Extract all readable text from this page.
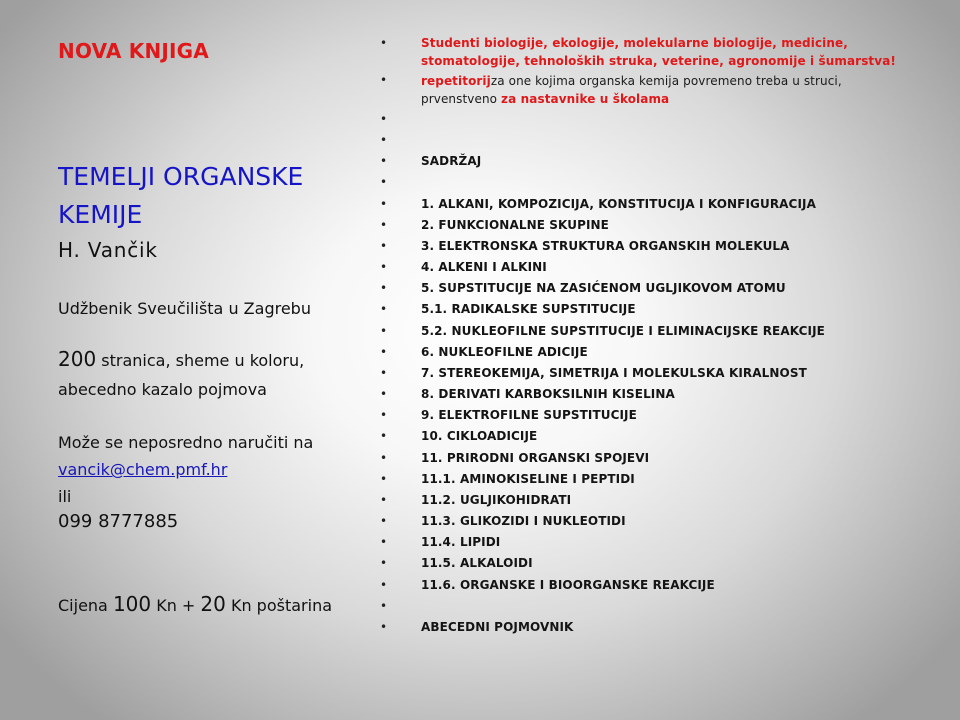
NOVA KNJIGA
TEMELJI ORGANSKE KEMIJE
H. Vančik
Udžbenik Sveučilišta u Zagrebu
200 stranica, sheme u koloru,
abecedno kazalo pojmova
Može se neposredno naručiti na
vancik@chem.pmf.hr
ili
099 8777885
Cijena 100 Kn + 20 Kn poštarina
•	Studenti biologije, ekologije, molekularne biologije, medicine, stomatologije, tehnoloških struka, veterine, agronomije i šumarstva!
•	repetitorijza one kojima organska kemija povremeno treba u struci, prvenstveno za nastavnike u školama
•
•
•	SADRŽAJ
•
•	1. ALKANI, KOMPOZICIJA, KONSTITUCIJA I KONFIGURACIJA
•	2. FUNKCIONALNE SKUPINE
•	3. ELEKTRONSKA STRUKTURA ORGANSKIH MOLEKULA
•	4. ALKENI I ALKINI
•	5. SUPSTITUCIJE NA ZASIĆENOM UGLJIKOVOM ATOMU
•	5.1. RADIKALSKE SUPSTITUCIJE
•	5.2. NUKLEOFILNE SUPSTITUCIJE I ELIMINACIJSKE REAKCIJE
•	6. NUKLEOFILNE ADICIJE
•	7. STEREOKEMIJA, SIMETRIJA I MOLEKULSKA KIRALNOST
•	8. DERIVATI KARBOKSILNIH KISELINA
•	9. ELEKTROFILNE SUPSTITUCIJE
•	10. CIKLOADICIJE
•	11. PRIRODNI ORGANSKI SPOJEVI
•	11.1. AMINOKISELINE I PEPTIDI
•	11.2. UGLJIKOHIDRATI
•	11.3. GLIKOZIDI I NUKLEOTIDI
•	11.4. LIPIDI
•	11.5. ALKALOIDI
•	11.6. ORGANSKE I BIOORGANSKE REAKCIJE
•
•	ABECEDNI POJMOVNIK
